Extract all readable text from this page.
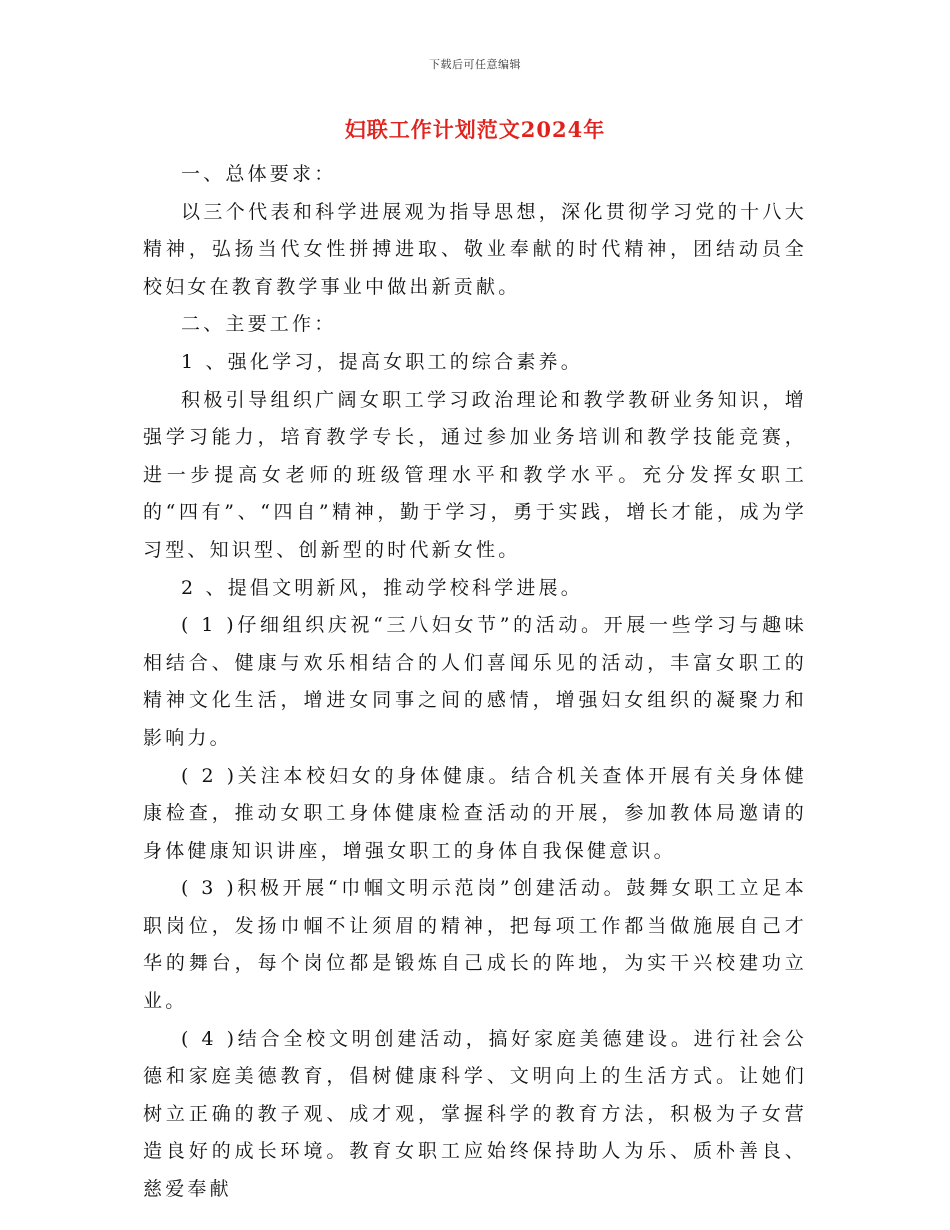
下载后可任意编辑
妇联工作计划范文2024年

一、总体要求：

以三个代表和科学进展观为指导思想，深化贯彻学习党的十八大精神，弘扬当代女性拼搏进取、敬业奉献的时代精神，团结动员全校妇女在教育教学事业中做出新贡献。

二、主要工作：

1 、强化学习，提高女职工的综合素养。

积极引导组织广阔女职工学习政治理论和教学教研业务知识，增强学习能力，培育教学专长，通过参加业务培训和教学技能竞赛，进一步提高女老师的班级管理水平和教学水平。充分发挥女职工的“四有”、“四自”精神，勤于学习，勇于实践，增长才能，成为学习型、知识型、创新型的时代新女性。

2 、提倡文明新风，推动学校科学进展。

( 1 )仔细组织庆祝“三八妇女节”的活动。开展一些学习与趣味相结合、健康与欢乐相结合的人们喜闻乐见的活动，丰富女职工的精神文化生活，增进女同事之间的感情，增强妇女组织的凝聚力和影响力。

( 2 )关注本校妇女的身体健康。结合机关查体开展有关身体健康检查，推动女职工身体健康检查活动的开展，参加教体局邀请的身体健康知识讲座，增强女职工的身体自我保健意识。

( 3 )积极开展“巾帼文明示范岗”创建活动。鼓舞女职工立足本职岗位，发扬巾帼不让须眉的精神，把每项工作都当做施展自己才华的舞台，每个岗位都是锻炼自己成长的阵地，为实干兴校建功立业。

( 4 )结合全校文明创建活动，搞好家庭美德建设。进行社会公德和家庭美德教育，倡树健康科学、文明向上的生活方式。让她们树立正确的教子观、成才观，掌握科学的教育方法，积极为子女营造良好的成长环境。教育女职工应始终保持助人为乐、质朴善良、慈爱奉献
